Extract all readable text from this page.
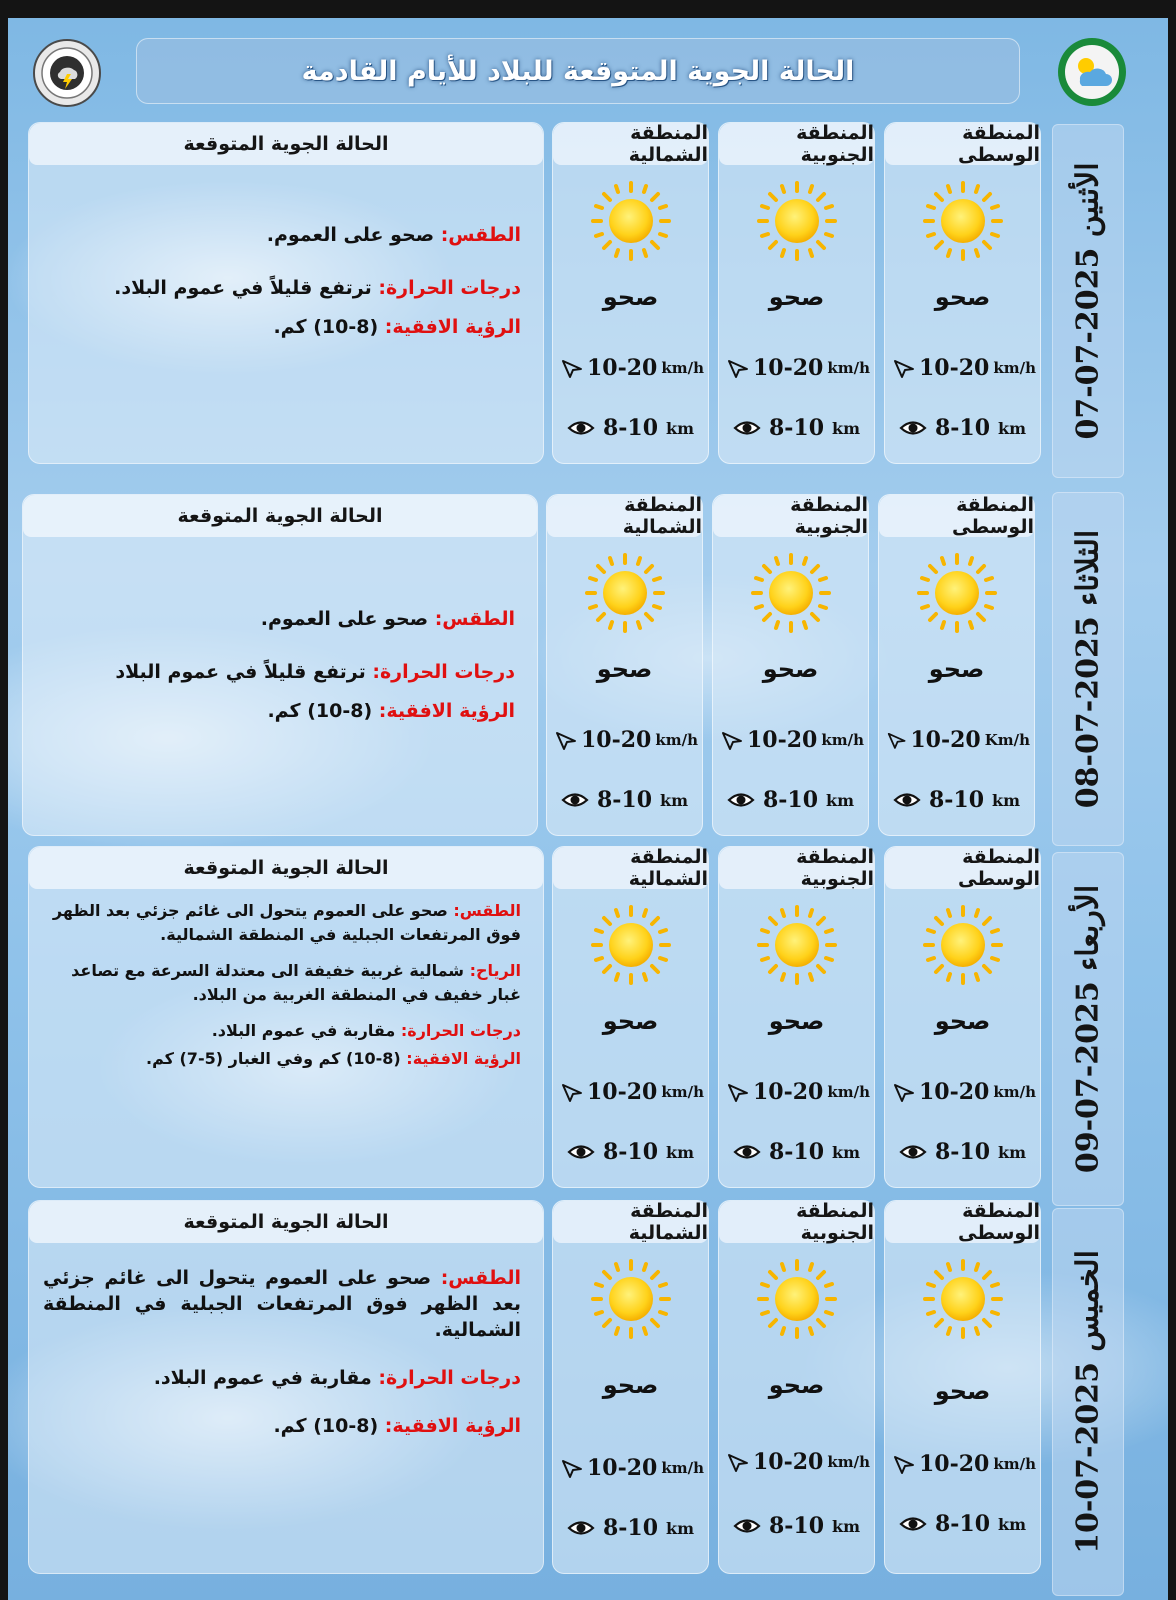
الحالة الجوية المتوقعة للبلاد للأيام القادمة
الأثنين 2025-07-07
المنطقة الوسطى
صحو
10-20 km/h
8-10 km
المنطقة الجنوبية
صحو
10-20 km/h
8-10 km
المنطقة الشمالية
صحو
10-20 km/h
8-10 km
الحالة الجوية المتوقعة

الطقس: صحو على العموم.

درجات الحرارة: ترتفع قليلاً في عموم البلاد.

الرؤية الافقية: (8-10) كم.

الثلاثاء 2025-07-08
المنطقة الوسطى
صحو
10-20 Km/h
8-10 km
المنطقة الجنوبية
صحو
10-20 km/h
8-10 km
المنطقة الشمالية
صحو
10-20 km/h
8-10 km
الحالة الجوية المتوقعة

الطقس: صحو على العموم.

درجات الحرارة: ترتفع قليلاً في عموم البلاد

الرؤية الافقية: (8-10) كم.

الأربعاء 2025-07-09
المنطقة الوسطى
صحو
10-20 km/h
8-10 km
المنطقة الجنوبية
صحو
10-20 km/h
8-10 km
المنطقة الشمالية
صحو
10-20 km/h
8-10 km
الحالة الجوية المتوقعة

الطقس: صحو على العموم يتحول الى غائم جزئي بعد الظهر فوق المرتفعات الجبلية في المنطقة الشمالية.

الرياح: شمالية غربية خفيفة الى معتدلة السرعة مع تصاعد غبار خفيف في المنطقة الغربية من البلاد.

درجات الحرارة: مقاربة في عموم البلاد.

الرؤية الافقية: (8-10) كم وفي الغبار (5-7) كم.

الخميس 2025-07-10
المنطقة الوسطى
صحو
10-20 km/h
8-10 km
المنطقة الجنوبية
صحو
10-20 km/h
8-10 km
المنطقة الشمالية
صحو
10-20 km/h
8-10 km
الحالة الجوية المتوقعة

الطقس: صحو على العموم يتحول الى غائم جزئي بعد الظهر فوق المرتفعات الجبلية في المنطقة الشمالية.

درجات الحرارة: مقاربة في عموم البلاد.

الرؤية الافقية: (8-10) كم.
